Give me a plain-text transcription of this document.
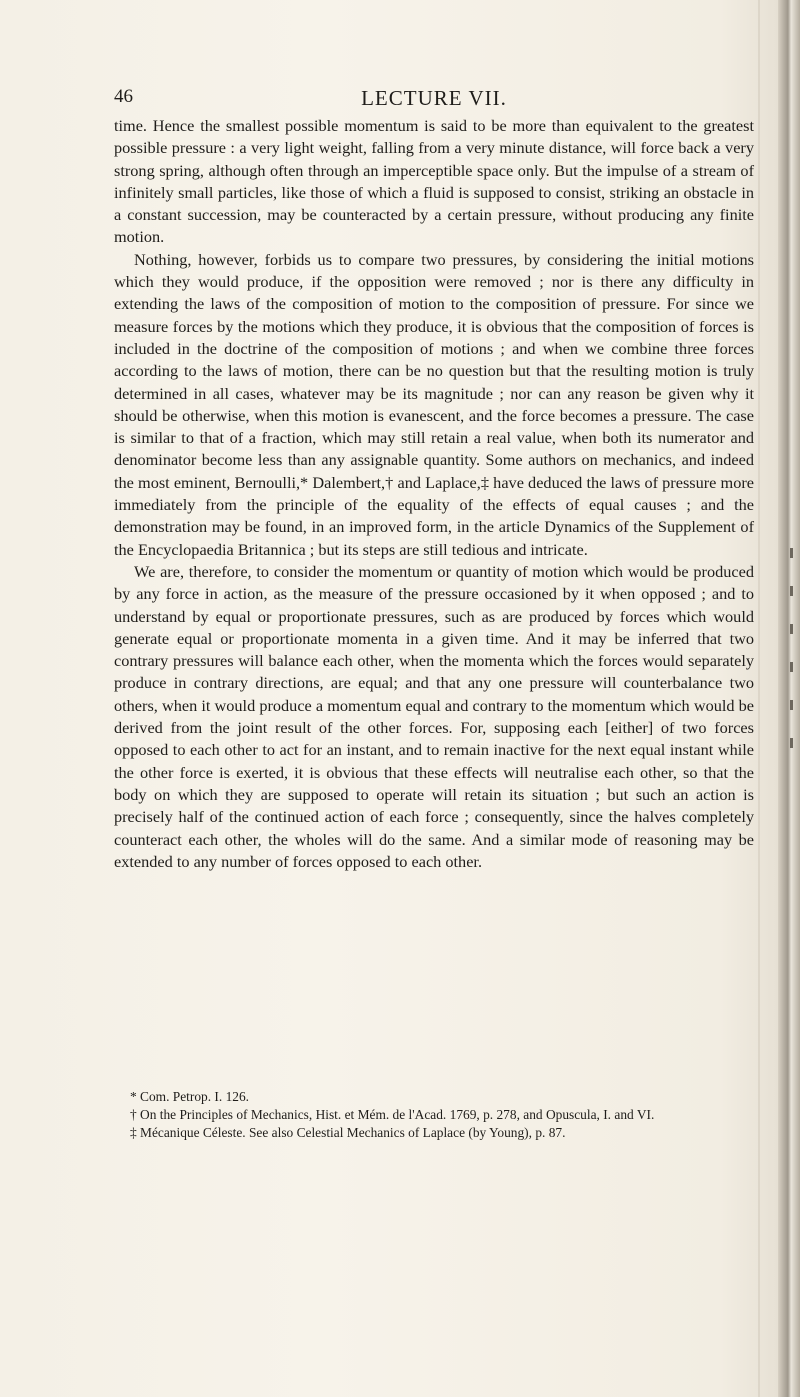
46	LECTURE VII.

time. Hence the smallest possible momentum is said to be more than equivalent to the greatest possible pressure : a very light weight, falling from a very minute distance, will force back a very strong spring, although often through an imperceptible space only. But the impulse of a stream of infinitely small particles, like those of which a fluid is supposed to consist, striking an obstacle in a constant succession, may be counteracted by a certain pressure, without producing any finite motion.

Nothing, however, forbids us to compare two pressures, by considering the initial motions which they would produce, if the opposition were removed ; nor is there any difficulty in extending the laws of the composition of motion to the composition of pressure. For since we measure forces by the motions which they produce, it is obvious that the composition of forces is included in the doctrine of the composition of motions ; and when we combine three forces according to the laws of motion, there can be no question but that the resulting motion is truly determined in all cases, whatever may be its magnitude ; nor can any reason be given why it should be otherwise, when this motion is evanescent, and the force becomes a pressure. The case is similar to that of a fraction, which may still retain a real value, when both its numerator and denominator become less than any assignable quantity. Some authors on mechanics, and indeed the most eminent, Bernoulli,* Dalembert,† and Laplace,‡ have deduced the laws of pressure more immediately from the principle of the equality of the effects of equal causes ; and the demonstration may be found, in an improved form, in the article Dynamics of the Supplement of the Encyclopaedia Britannica ; but its steps are still tedious and intricate.

We are, therefore, to consider the momentum or quantity of motion which would be produced by any force in action, as the measure of the pressure occasioned by it when opposed ; and to understand by equal or proportionate pressures, such as are produced by forces which would generate equal or proportionate momenta in a given time. And it may be inferred that two contrary pressures will balance each other, when the momenta which the forces would separately produce in contrary directions, are equal; and that any one pressure will counterbalance two others, when it would produce a momentum equal and contrary to the momentum which would be derived from the joint result of the other forces. For, supposing each [either] of two forces opposed to each other to act for an instant, and to remain inactive for the next equal instant while the other force is exerted, it is obvious that these effects will neutralise each other, so that the body on which they are supposed to operate will retain its situation ; but such an action is precisely half of the continued action of each force ; consequently, since the halves completely counteract each other, the wholes will do the same. And a similar mode of reasoning may be extended to any number of forces opposed to each other.

* Com. Petrop. I. 126.

† On the Principles of Mechanics, Hist. et Mém. de l'Acad. 1769, p. 278, and Opuscula, I. and VI.

‡ Mécanique Céleste. See also Celestial Mechanics of Laplace (by Young), p. 87.
